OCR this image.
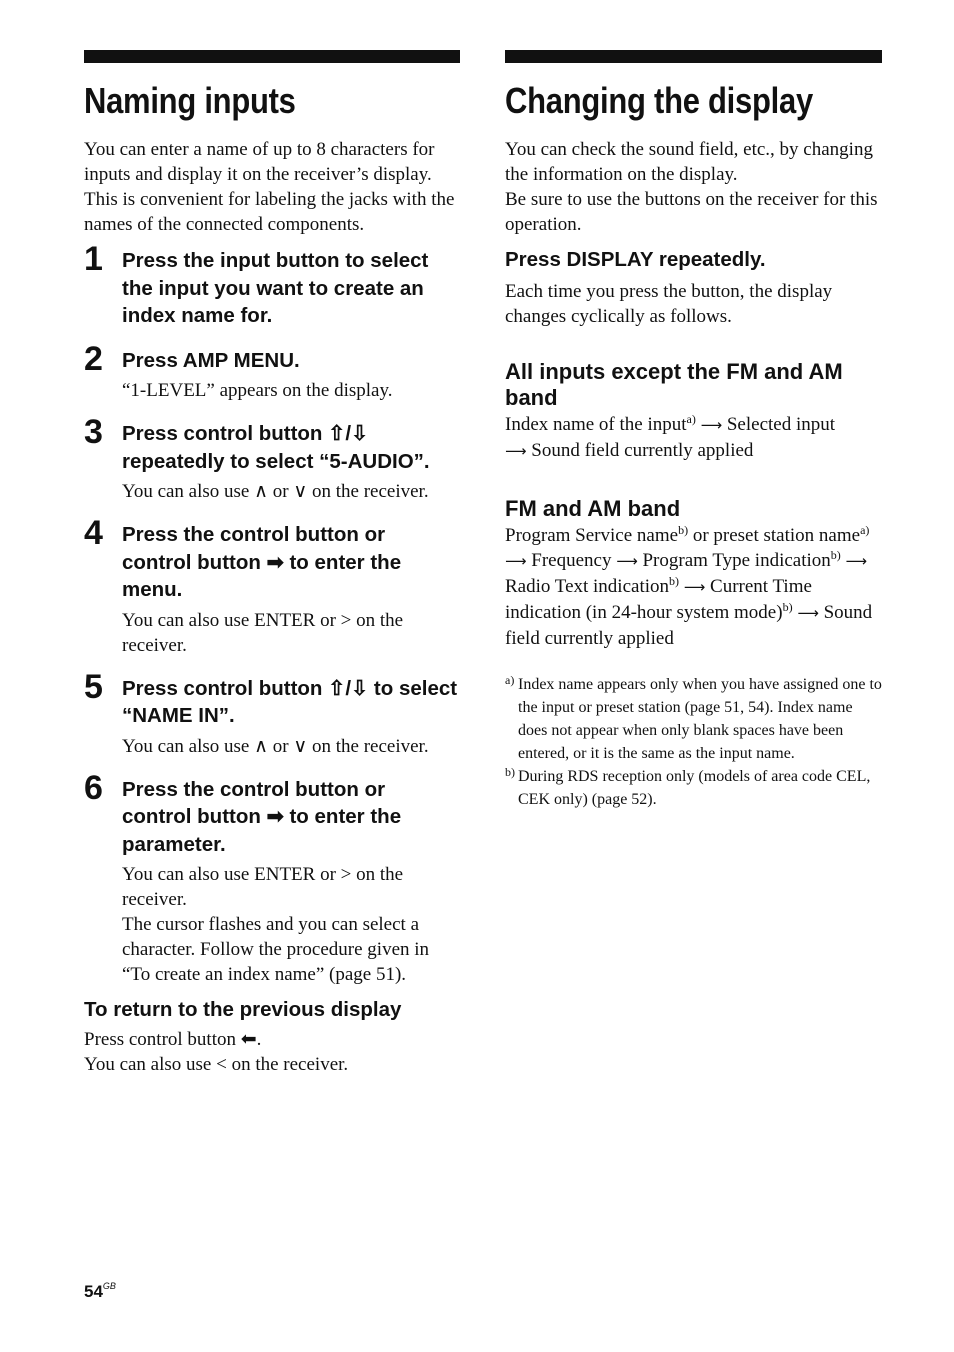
Naming inputs

You can enter a name of up to 8 characters for inputs and display it on the receiver’s display. This is convenient for labeling the jacks with the names of the connected components.

1 Press the input button to select the input you want to create an index name for.

2 Press AMP MENU.

“1-LEVEL” appears on the display.

3 Press control button ⇧/⇩ repeatedly to select “5-AUDIO”.

You can also use ∧ or ∨ on the receiver.

4 Press the control button or control button ➡ to enter the menu.

You can also use ENTER or > on the receiver.

5 Press control button ⇧/⇩ to select “NAME IN”.

You can also use ∧ or ∨ on the receiver.

6 Press the control button or control button ➡ to enter the parameter.

You can also use ENTER or > on the receiver.

The cursor flashes and you can select a character. Follow the procedure given in “To create an index name” (page 51).

To return to the previous display

Press control button ⬅.

You can also use < on the receiver.

Changing the display

You can check the sound field, etc., by changing the information on the display.

Be sure to use the buttons on the receiver for this operation.

Press DISPLAY repeatedly.

Each time you press the button, the display changes cyclically as follows.

All inputs except the FM and AM band

Index name of the input$^{a)}$ ⟶ Selected input
⟶ Sound field currently applied

FM and AM band

Program Service name$^{b)}$ or preset station name$^{a)}$ ⟶ Frequency ⟶ Program Type indication$^{b)}$ ⟶ Radio Text indication$^{b)}$ ⟶ Current Time indication (in 24-hour system mode)$^{b)}$ ⟶ Sound field currently applied

a) Index name appears only when you have assigned one to the input or preset station (page 51, 54). Index name does not appear when only blank spaces have been entered, or it is the same as the input name.

b) During RDS reception only (models of area code CEL, CEK only) (page 52).

$54^{GB}$
